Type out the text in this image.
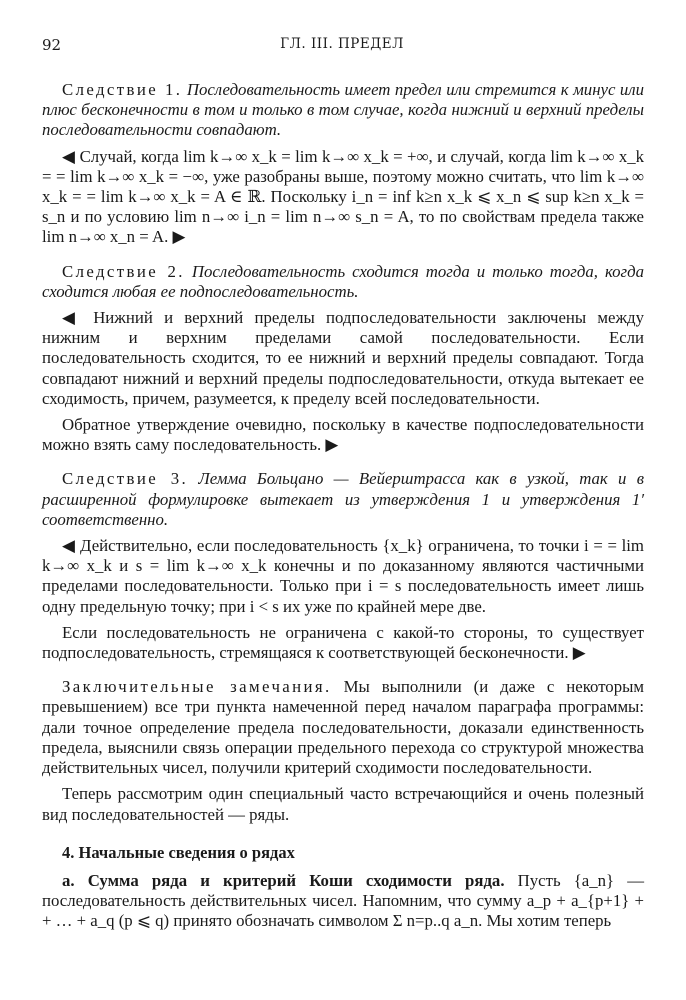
92	ГЛ. III. ПРЕДЕЛ

Следствие 1. Последовательность имеет предел или стремится к минус или плюс бесконечности в том и только в том случае, когда нижний и верхний пределы последовательности совпадают.

◀ Случай, когда lim k→∞ x_k = lim k→∞ x_k = +∞, и случай, когда lim k→∞ x_k = = lim k→∞ x_k = −∞, уже разобраны выше, поэтому можно считать, что lim k→∞ x_k = = lim k→∞ x_k = A ∈ ℝ. Поскольку i_n = inf k≥n x_k ⩽ x_n ⩽ sup k≥n x_k = s_n и по условию lim n→∞ i_n = lim n→∞ s_n = A, то по свойствам предела также lim n→∞ x_n = A. ▶

Следствие 2. Последовательность сходится тогда и только тогда, когда сходится любая ее подпоследовательность.

◀ Нижний и верхний пределы подпоследовательности заключены между нижним и верхним пределами самой последовательности. Если последовательность сходится, то ее нижний и верхний пределы совпадают. Тогда совпадают нижний и верхний пределы подпоследовательности, откуда вытекает ее сходимость, причем, разумеется, к пределу всей последовательности.

Обратное утверждение очевидно, поскольку в качестве подпоследовательности можно взять саму последовательность. ▶

Следствие 3. Лемма Больцано — Вейерштрасса как в узкой, так и в расширенной формулировке вытекает из утверждения 1 и утверждения 1′ соответственно.

◀ Действительно, если последовательность {x_k} ограничена, то точки i = = lim k→∞ x_k и s = lim k→∞ x_k конечны и по доказанному являются частичными пределами последовательности. Только при i = s последовательность имеет лишь одну предельную точку; при i < s их уже по крайней мере две.

Если последовательность не ограничена с какой-то стороны, то существует подпоследовательность, стремящаяся к соответствующей бесконечности. ▶

Заключительные замечания. Мы выполнили (и даже с некоторым превышением) все три пункта намеченной перед началом параграфа программы: дали точное определение предела последовательности, доказали единственность предела, выяснили связь операции предельного перехода со структурой множества действительных чисел, получили критерий сходимости последовательности.

Теперь рассмотрим один специальный часто встречающийся и очень полезный вид последовательностей — ряды.

4. Начальные сведения о рядах

a. Сумма ряда и критерий Коши сходимости ряда. Пусть {a_n} — последовательность действительных чисел. Напомним, что сумму a_p + a_{p+1} + + … + a_q (p ⩽ q) принято обозначать символом Σ n=p..q a_n. Мы хотим теперь
